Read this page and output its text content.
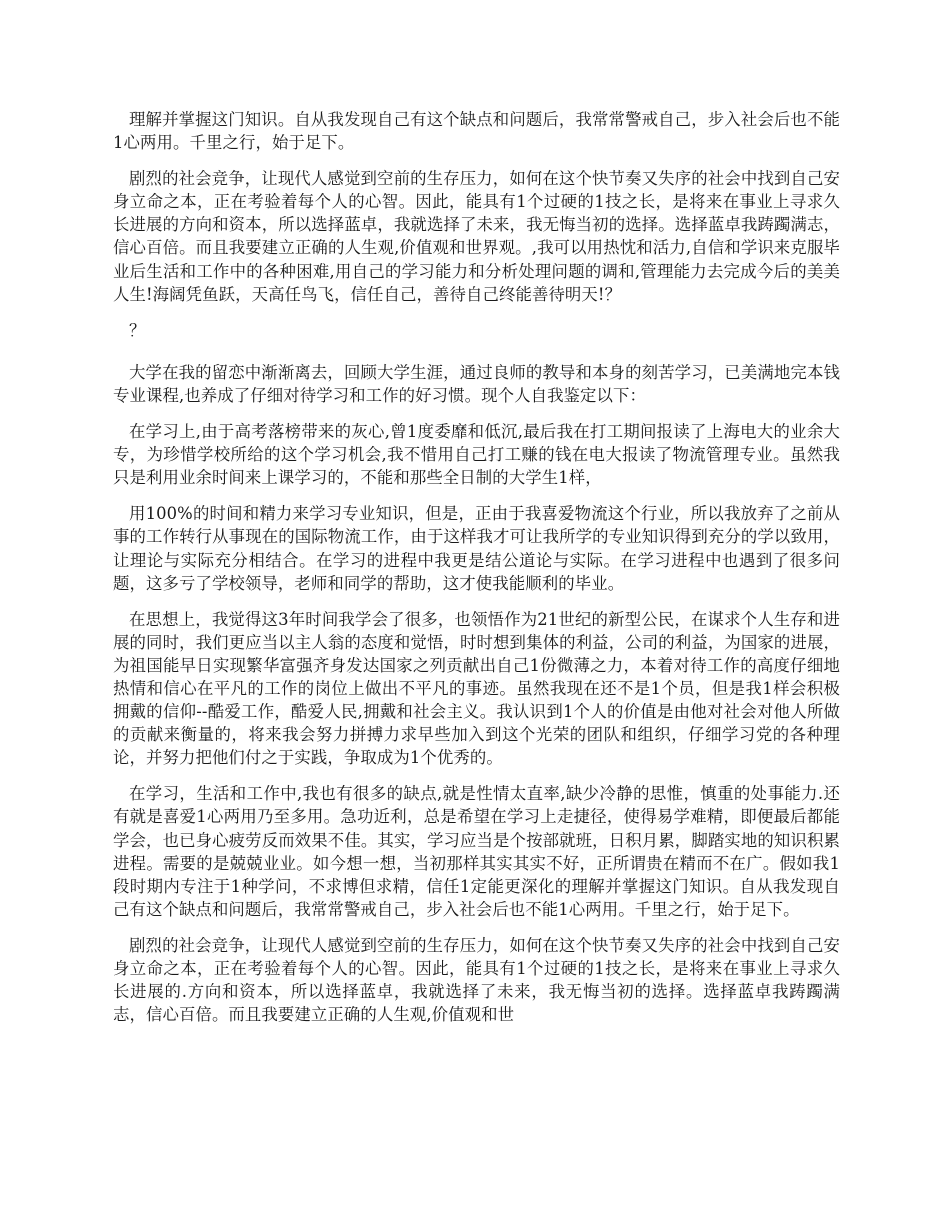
理解并掌握这门知识。自从我发现自己有这个缺点和问题后，我常常警戒自己，步入社会后也不能1心两用。千里之行，始于足下。

剧烈的社会竞争，让现代人感觉到空前的生存压力，如何在这个快节奏又失序的社会中找到自己安身立命之本，正在考验着每个人的心智。因此，能具有1个过硬的1技之长，是将来在事业上寻求久长进展的方向和资本，所以选择蓝卓，我就选择了未来，我无悔当初的选择。选择蓝卓我踌躅满志，信心百倍。而且我要建立正确的人生观,价值观和世界观。,我可以用热忱和活力,自信和学识来克服毕业后生活和工作中的各种困难,用自己的学习能力和分析处理问题的调和,管理能力去完成今后的美美人生!海阔凭鱼跃，天高任鸟飞，信任自己，善待自己终能善待明天!？

？

大学在我的留恋中渐渐离去，回顾大学生涯，通过良师的教导和本身的刻苦学习，已美满地完本钱专业课程,也养成了仔细对待学习和工作的好习惯。现个人自我鉴定以下：

在学习上,由于高考落榜带来的灰心,曾1度委靡和低沉,最后我在打工期间报读了上海电大的业余大专，为珍惜学校所给的这个学习机会,我不惜用自己打工赚的钱在电大报读了物流管理专业。虽然我只是利用业余时间来上课学习的，不能和那些全日制的大学生1样，

用100%的时间和精力来学习专业知识，但是，正由于我喜爱物流这个行业，所以我放弃了之前从事的工作转行从事现在的国际物流工作，由于这样我才可让我所学的专业知识得到充分的学以致用，让理论与实际充分相结合。在学习的进程中我更是结公道论与实际。在学习进程中也遇到了很多问题，这多亏了学校领导，老师和同学的帮助，这才使我能顺利的毕业。

在思想上，我觉得这3年时间我学会了很多，也领悟作为21世纪的新型公民，在谋求个人生存和进展的同时，我们更应当以主人翁的态度和觉悟，时时想到集体的利益，公司的利益，为国家的进展，为祖国能早日实现繁华富强齐身发达国家之列贡献出自己1份微薄之力，本着对待工作的高度仔细地热情和信心在平凡的工作的岗位上做出不平凡的事迹。虽然我现在还不是1个员，但是我1样会积极拥戴的信仰--酷爱工作，酷爱人民,拥戴和社会主义。我认识到1个人的价值是由他对社会对他人所做的贡献来衡量的，将来我会努力拼搏力求早些加入到这个光荣的团队和组织，仔细学习党的各种理论，并努力把他们付之于实践，争取成为1个优秀的。

在学习，生活和工作中,我也有很多的缺点,就是性情太直率,缺少冷静的思惟，慎重的处事能力.还有就是喜爱1心两用乃至多用。急功近利，总是希望在学习上走捷径，使得易学难精，即便最后都能学会，也已身心疲劳反而效果不佳。其实，学习应当是个按部就班，日积月累，脚踏实地的知识积累进程。需要的是兢兢业业。如今想一想，当初那样其实其实不好，正所谓贵在精而不在广。假如我1段时期内专注于1种学问，不求博但求精，信任1定能更深化的理解并掌握这门知识。自从我发现自己有这个缺点和问题后，我常常警戒自己，步入社会后也不能1心两用。千里之行，始于足下。

剧烈的社会竞争，让现代人感觉到空前的生存压力，如何在这个快节奏又失序的社会中找到自己安身立命之本，正在考验着每个人的心智。因此，能具有1个过硬的1技之长，是将来在事业上寻求久长进展的.方向和资本，所以选择蓝卓，我就选择了未来，我无悔当初的选择。选择蓝卓我踌躅满志，信心百倍。而且我要建立正确的人生观,价值观和世
